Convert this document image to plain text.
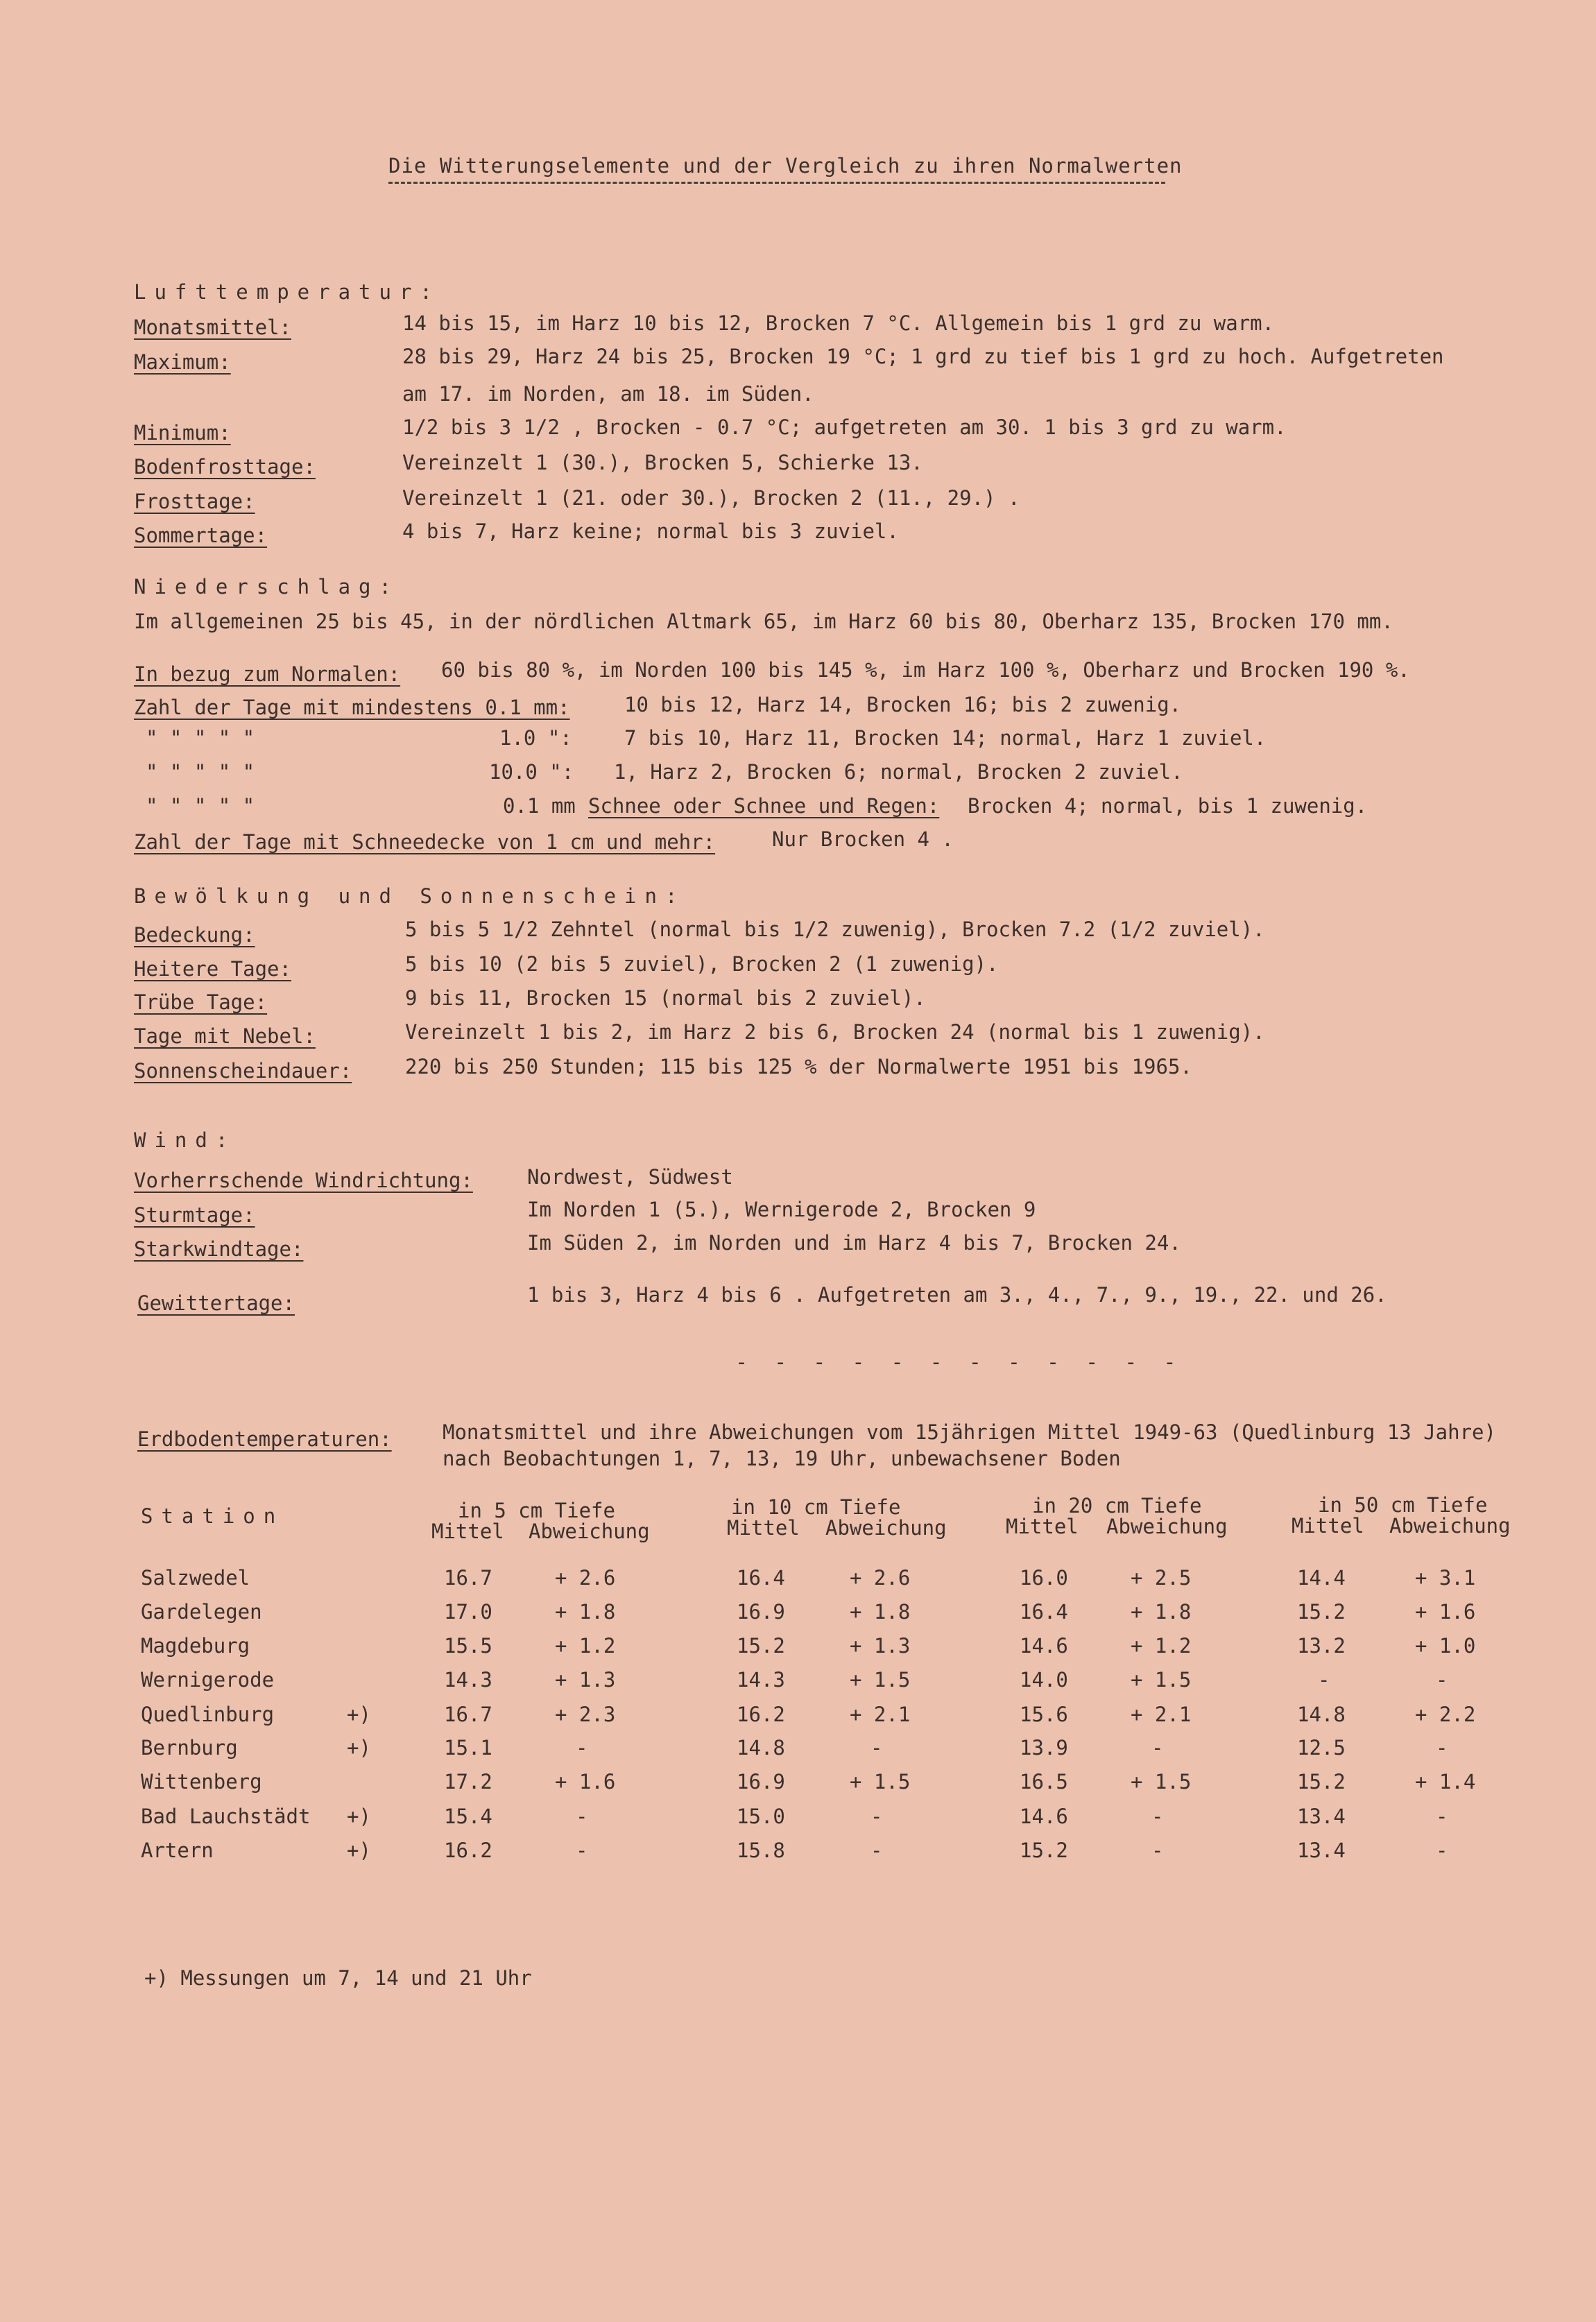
Die Witterungselemente und der Vergleich zu ihren Normalwerten
Lufttemperatur:
Monatsmittel:	14 bis 15, im Harz 10 bis 12, Brocken 7 °C. Allgemein bis 1 grd zu warm.
Maximum:	28 bis 29, Harz 24 bis 25, Brocken 19 °C; 1 grd zu tief bis 1 grd zu hoch. Aufgetreten
am 17. im Norden, am 18. im Süden.
Minimum:	1/2 bis 3 1/2 , Brocken - 0.7 °C; aufgetreten am 30. 1 bis 3 grd zu warm.
Bodenfrosttage:	Vereinzelt 1 (30.), Brocken 5, Schierke 13.
Frosttage:	Vereinzelt 1 (21. oder 30.), Brocken 2 (11., 29.) .
Sommertage:	4 bis 7, Harz keine; normal bis 3 zuviel.
Niederschlag:
Im allgemeinen 25 bis 45, in der nördlichen Altmark 65, im Harz 60 bis 80, Oberharz 135, Brocken 170 mm.
In bezug zum Normalen: 60 bis 80 %, im Norden 100 bis 145 %, im Harz 100 %, Oberharz und Brocken 190 %.
Zahl der Tage mit mindestens 0.1 mm:	10 bis 12, Harz 14, Brocken 16; bis 2 zuwenig.
" " " " "	1.0 ":	7 bis 10, Harz 11, Brocken 14; normal, Harz 1 zuviel.
" " " " "	10.0 ": 1, Harz 2, Brocken 6; normal, Brocken 2 zuviel.
" " " " "	0.1 mm Schnee oder Schnee und Regen: Brocken 4; normal, bis 1 zuwenig.
Zahl der Tage mit Schneedecke von 1 cm und mehr:	Nur Brocken 4 .
Bewölkung und Sonnenschein:
Bedeckung:	5 bis 5 1/2 Zehntel (normal bis 1/2 zuwenig), Brocken 7.2 (1/2 zuviel).
Heitere Tage:	5 bis 10 (2 bis 5 zuviel), Brocken 2 (1 zuwenig).
Trübe Tage:	9 bis 11, Brocken 15 (normal bis 2 zuviel).
Tage mit Nebel:	Vereinzelt 1 bis 2, im Harz 2 bis 6, Brocken 24 (normal bis 1 zuwenig).
Sonnenscheindauer:	220 bis 250 Stunden; 115 bis 125 % der Normalwerte 1951 bis 1965.
Wind:
Vorherrschende Windrichtung:	Nordwest, Südwest
Sturmtage:	Im Norden 1 (5.), Wernigerode 2, Brocken 9
Starkwindtage:	Im Süden 2, im Norden und im Harz 4 bis 7, Brocken 24.
Gewittertage:	1 bis 3, Harz 4 bis 6 . Aufgetreten am 3., 4., 7., 9., 19., 22. und 26.
- - - - - - - - - - - -
Erdbodentemperaturen:	Monatsmittel und ihre Abweichungen vom 15jährigen Mittel 1949-63 (Quedlinburg 13 Jahre)
nach Beobachtungen 1, 7, 13, 19 Uhr, unbewachsener Boden
Station	in 5 cm Tiefe
Mittel Abweichung
in 10 cm Tiefe
Mittel Abweichung
in 20 cm Tiefe
Mittel Abweichung
in 50 cm Tiefe
Mittel Abweichung
Salzwedel	16.7	+ 2.6	16.4	+ 2.6	16.0	+ 2.5	14.4	+ 3.1
Gardelegen	17.0	+ 1.8	16.9	+ 1.8	16.4	+ 1.8	15.2	+ 1.6
Magdeburg	15.5	+ 1.2	15.2	+ 1.3	14.6	+ 1.2	13.2	+ 1.0
Wernigerode	14.3	+ 1.3	14.3	+ 1.5	14.0	+ 1.5	-	-
Quedlinburg	+)	16.7	+ 2.3	16.2	+ 2.1	15.6	+ 2.1	14.8	+ 2.2
Bernburg	+)	15.1	-	14.8	-	13.9	-	12.5	-
Wittenberg	17.2	+ 1.6	16.9	+ 1.5	16.5	+ 1.5	15.2	+ 1.4
Bad Lauchstädt +)	15.4	-	15.0	-	14.6	-	13.4	-
Artern	+)	16.2	-	15.8	-	15.2	-	13.4	-
+) Messungen um 7, 14 und 21 Uhr
